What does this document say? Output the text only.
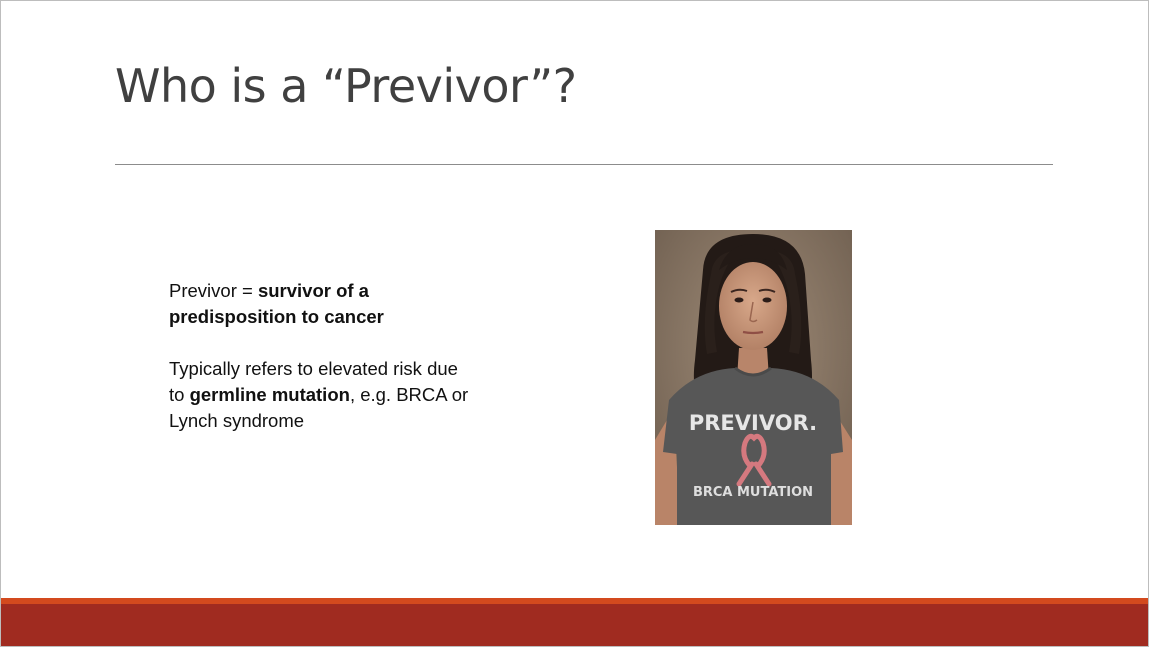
Who is a “Previvor”?

Previvor = survivor of a
predisposition to cancer

Typically refers to elevated risk due
to germline mutation, e.g. BRCA or
Lynch syndrome	PREVIVOR.
BRCA MUTATION
